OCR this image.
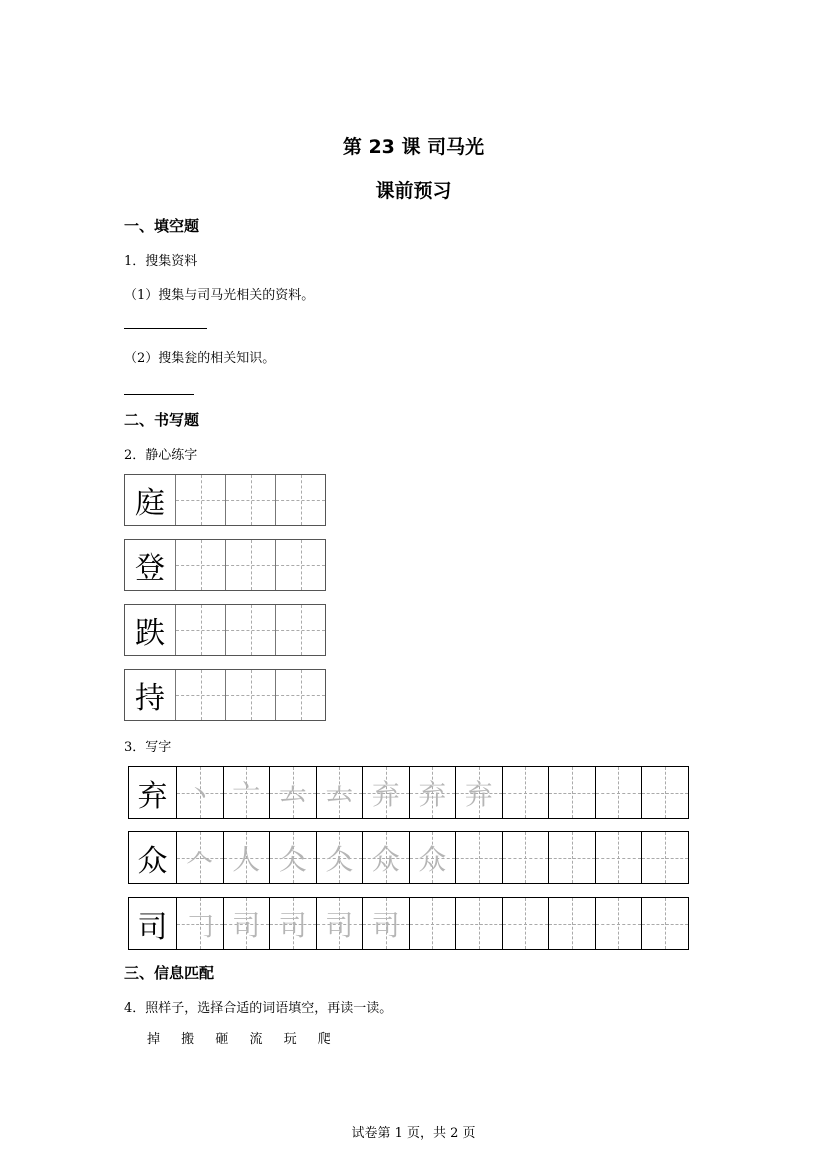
第 23 课 司马光
课前预习
一、填空题
1．搜集资料
（1）搜集与司马光相关的资料。
（2）搜集瓮的相关知识。
二、书写题
2．静心练字
庭
登
跌
持
3．写字
弃 丶 亠 𠫓 𠫓 弃 弃 弃
众 𠆢 人 仌 仌 众 众
司 𠃌 司 司 司 司
三、信息匹配
4．照样子，选择合适的词语填空，再读一读。
掉 搬 砸 流 玩 爬
试卷第 1 页，共 2 页
